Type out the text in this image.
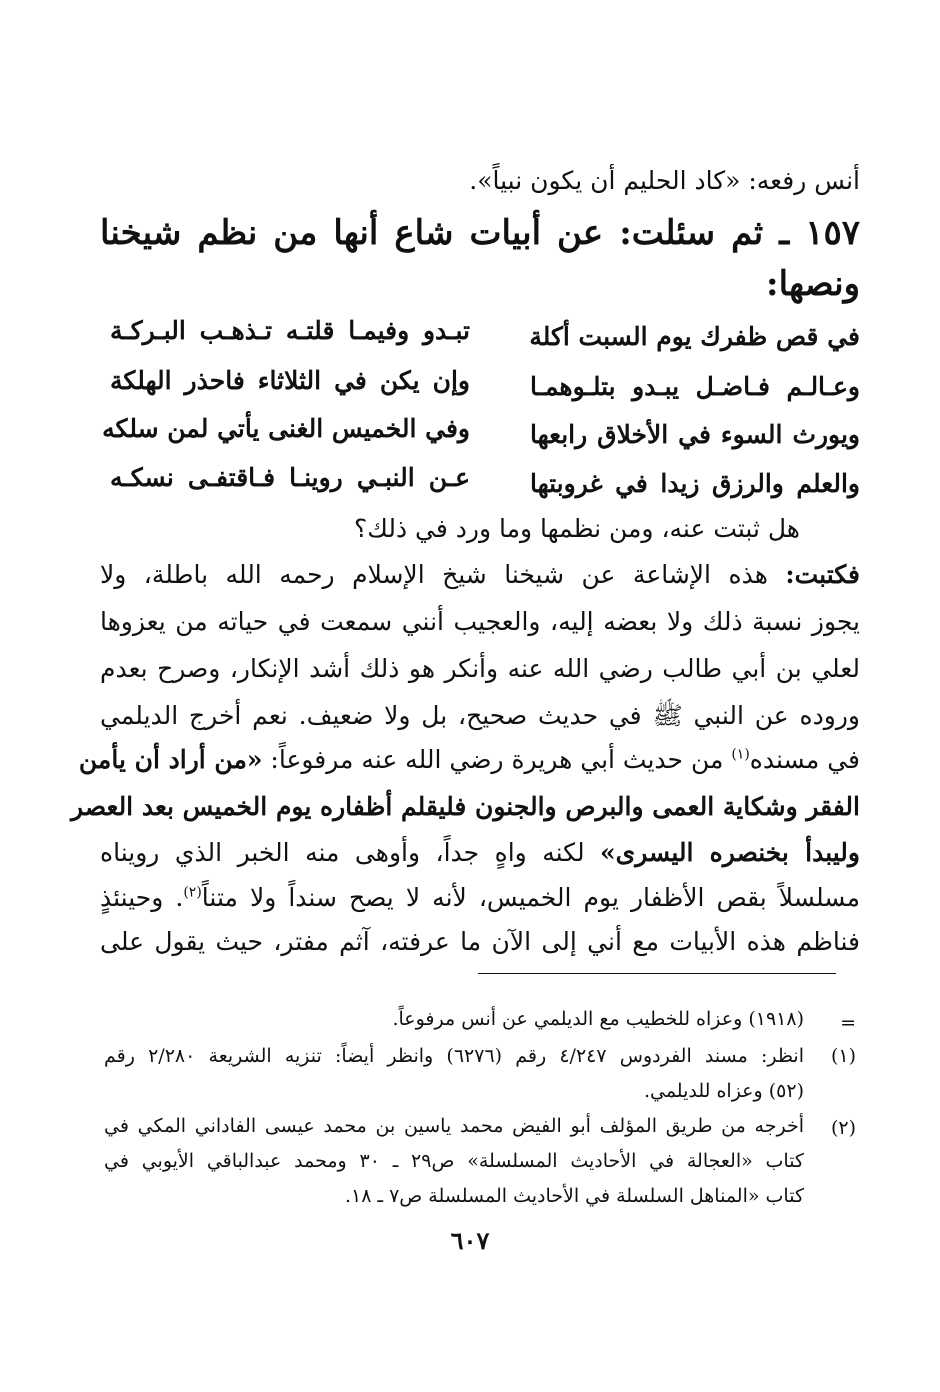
أنس رفعه: «كاد الحليم أن يكون نبياً».
١٥٧ ـ ثم سئلت: عن أبيات شاع أنها من نظم شيخنا
ونصها:
في قص ظفرك يوم السبت أكلة
تبـدو وفيمـا قلتـه تـذهـب البـركـة
وعـالـم فـاضـل يبـدو بتلـوهمـا
وإن يكن في الثلاثاء فاحذر الهلكة
ويورث السوء في الأخلاق رابعها
وفي الخميس الغنى يأتي لمن سلكه
والعلم والرزق زيدا في غروبتها
عـن النبـي روينـا فـاقتفـى نسكـه
هل ثبتت عنه، ومن نظمها وما ورد في ذلك؟
فكتبت: هذه الإشاعة عن شيخنا شيخ الإسلام رحمه الله باطلة، ولا
يجوز نسبة ذلك ولا بعضه إليه، والعجيب أنني سمعت في حياته من يعزوها
لعلي بن أبي طالب رضي الله عنه وأنكر هو ذلك أشد الإنكار، وصرح بعدم
وروده عن النبي ﷺ في حديث صحيح، بل ولا ضعيف. نعم أخرج الديلمي
في مسنده$^{(١)}$ من حديث أبي هريرة رضي الله عنه مرفوعاً: «من أراد أن يأمن
الفقر وشكاية العمى والبرص والجنون فليقلم أظفاره يوم الخميس بعد العصر
وليبدأ بخنصره اليسرى» لكنه واهٍ جداً، وأوهى منه الخبر الذي رويناه
مسلسلاً بقص الأظفار يوم الخميس، لأنه لا يصح سنداً ولا متناً$^{(٢)}$. وحينئذٍ
فناظم هذه الأبيات مع أني إلى الآن ما عرفته، آثم مفتر، حيث يقول على
=
(١٩١٨) وعزاه للخطيب مع الديلمي عن أنس مرفوعاً.
(١)
انظر: مسند الفردوس ٤/٢٤٧ رقم (٦٢٧٦) وانظر أيضاً: تنزيه الشريعة ٢/٢٨٠ رقم
(٥٢) وعزاه للديلمي.
(٢)
أخرجه من طريق المؤلف أبو الفيض محمد ياسين بن محمد عيسى الفاداني المكي في
كتاب «العجالة في الأحاديث المسلسلة» ص٢٩ ـ ٣٠ ومحمد عبدالباقي الأيوبي في
كتاب «المناهل السلسلة في الأحاديث المسلسلة ص٧ ـ ١٨.
٦٠٧
